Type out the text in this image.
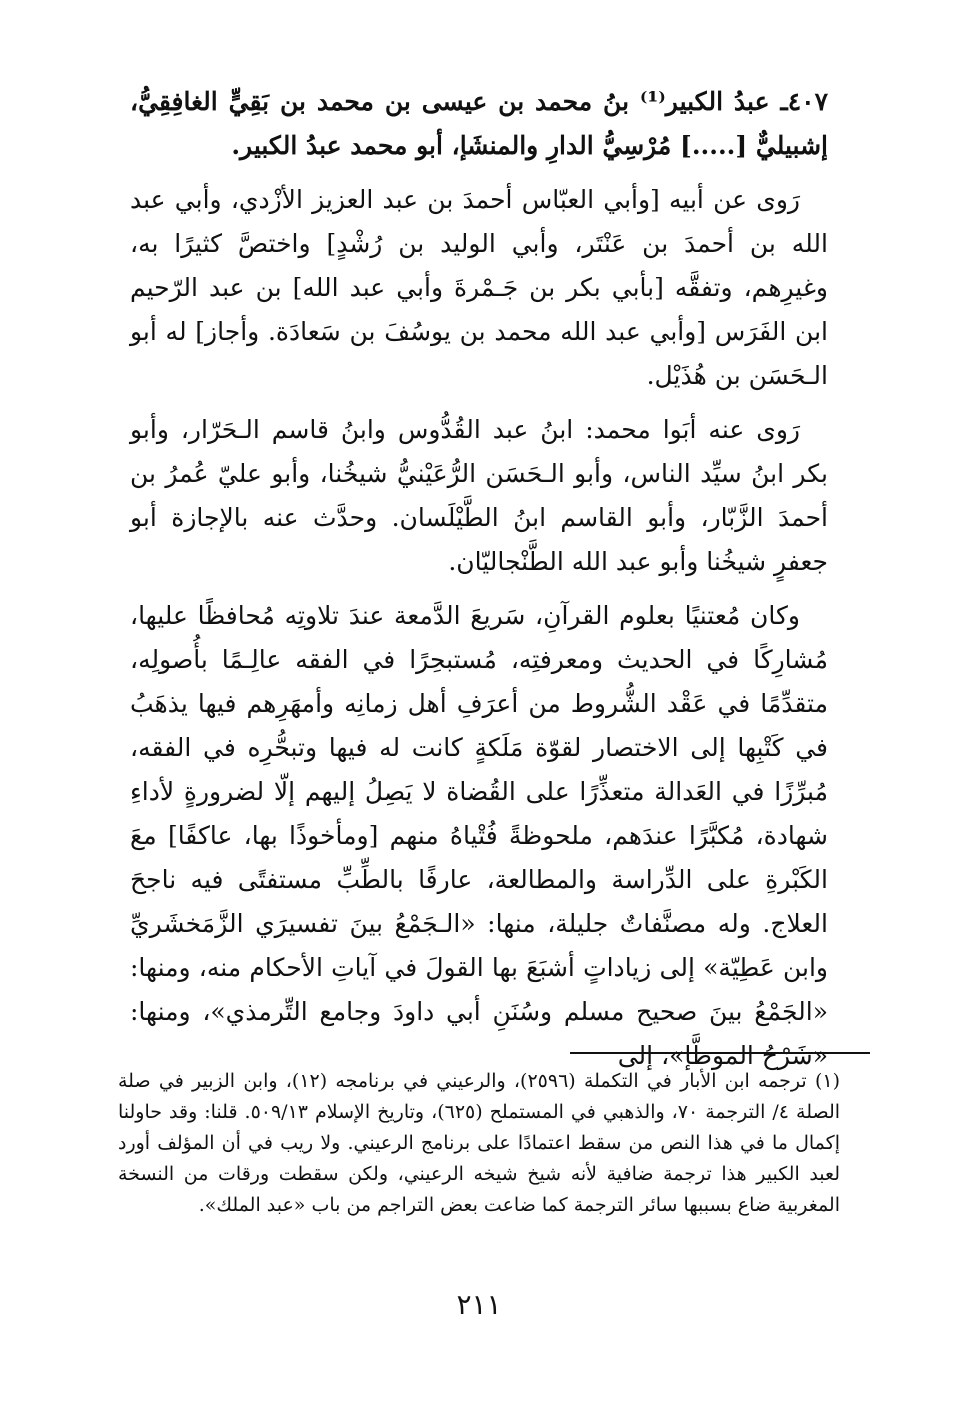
٤٠٧ـ عبدُ الكبير⁽¹⁾ بنُ محمد بن عيسى بن محمد بن بَقِيٍّ الغافِقِيُّ، إشبيليٌّ [.....] مُرْسِيُّ الدارِ والمنشَإ، أبو محمد عبدُ الكبير.

رَوى عن أبيه [وأبي العبّاس أحمدَ بن عبد العزيز الأزْدي، وأبي عبد الله بن أحمدَ بن عَنْتَر، وأبي الوليد بن رُشْدٍ] واختصَّ كثيرًا به، وغيرِهم، وتفقَّه [بأبي بكر بن جَـمْرةَ وأبي عبد الله] بن عبد الرّحيم ابن الفَرَس [وأبي عبد الله محمد بن يوسُفَ بن سَعادَة. وأجاز] له أبو الـحَسَن بن هُذَيْل.

رَوى عنه أبَوا محمد: ابنُ عبد القُدُّوس وابنُ قاسم الـحَرّار، وأبو بكر ابنُ سيِّد الناس، وأبو الـحَسَن الرُّعَيْنيُّ شيخُنا، وأبو عليّ عُمرُ بن أحمدَ الزَّبّار، وأبو القاسم ابنُ الطَّيْلَسان. وحدَّث عنه بالإجازة أبو جعفرٍ شيخُنا وأبو عبد الله الطَّنْجاليّان.

وكان مُعتنيًا بعلوم القرآنِ، سَريعَ الدَّمعة عندَ تلاوتِه مُحافظًا عليها، مُشارِكًا في الحديث ومعرفتِه، مُستبحِرًا في الفقه عالِـمًا بأُصولِه، متقدِّمًا في عَقْد الشُّروط من أعرَفِ أهل زمانِه وأمهَرِهم فيها يذهَبُ في كَتْبِها إلى الاختصار لقوّة مَلَكةٍ كانت له فيها وتبحُّرِه في الفقه، مُبرِّزًا في العَدالة متعذِّرًا على القُضاة لا يَصِلُ إليهم إلّا لضرورةٍ لأداءِ شهادة، مُكبَّرًا عندَهم، ملحوظةً فُتْياهُ منهم [ومأخوذًا بها، عاكفًا] معَ الكَبْرةِ على الدِّراسة والمطالعة، عارفًا بالطِّبِّ مستفتًى فيه ناجحَ العلاج. وله مصنَّفاتٌ جليلة، منها: «الـجَمْعُ بينَ تفسيرَي الزَّمَخشَريِّ وابن عَطِيّة» إلى زياداتٍ أشبَعَ بها القولَ في آياتِ الأحكام منه، ومنها: «الجَمْعُ بينَ صحيح مسلم وسُنَنِ أبي داودَ وجامع التِّرمذي»، ومنها: «شَرْحُ الموطَّإ»، إلى

(١) ترجمه ابن الأبار في التكملة (٢٥٩٦)، والرعيني في برنامجه (١٢)، وابن الزبير في صلة الصلة ٤/ الترجمة ٧٠، والذهبي في المستملح (٦٢٥)، وتاريخ الإسلام ٥٠٩/١٣. قلنا: وقد حاولنا إكمال ما في هذا النص من سقط اعتمادًا على برنامج الرعيني. ولا ريب في أن المؤلف أورد لعبد الكبير هذا ترجمة ضافية لأنه شيخ شيخه الرعيني، ولكن سقطت ورقات من النسخة المغربية ضاع بسببها سائر الترجمة كما ضاعت بعض التراجم من باب «عبد الملك».

٢١١
